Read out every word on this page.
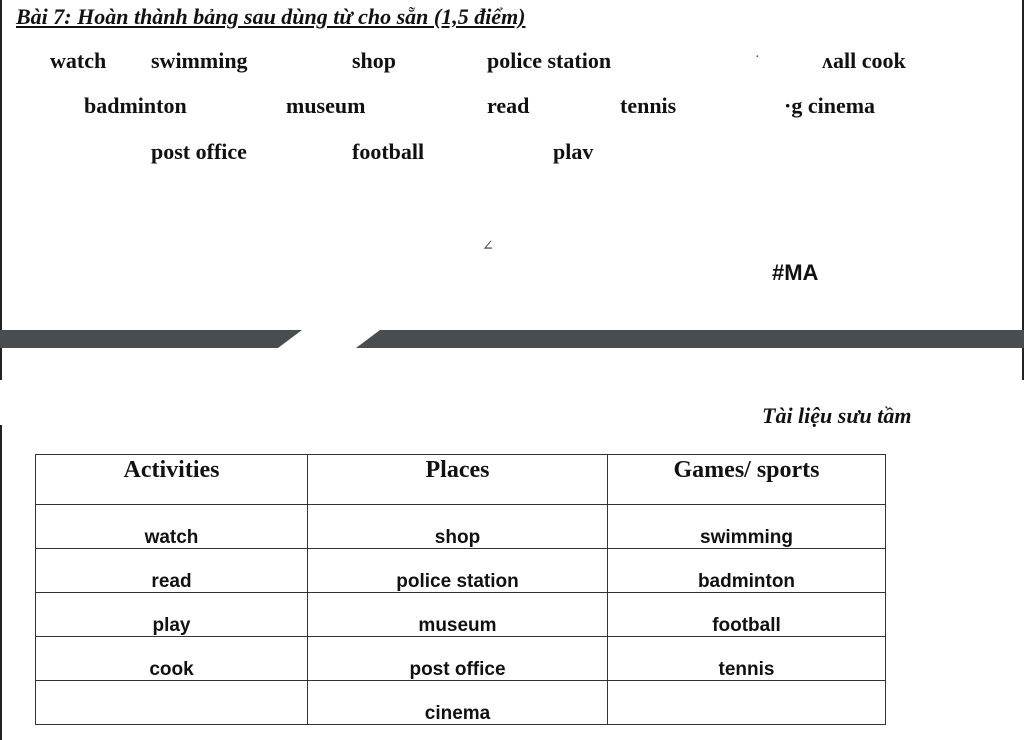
Bài 7: Hoàn thành bảng sau dùng từ cho sẵn (1,5 điểm)
watch swimming	shop	police station	ʌall cook
badminton	museum	read	tennis	·g cinema
post office	football	plav
·
∠
#MA
Tài liệu sưu tầm
Activities	Places	Games/ sports
watch	shop	swimming
read	police station	badminton
play	museum	football
cook	post office	tennis
	cinema	
